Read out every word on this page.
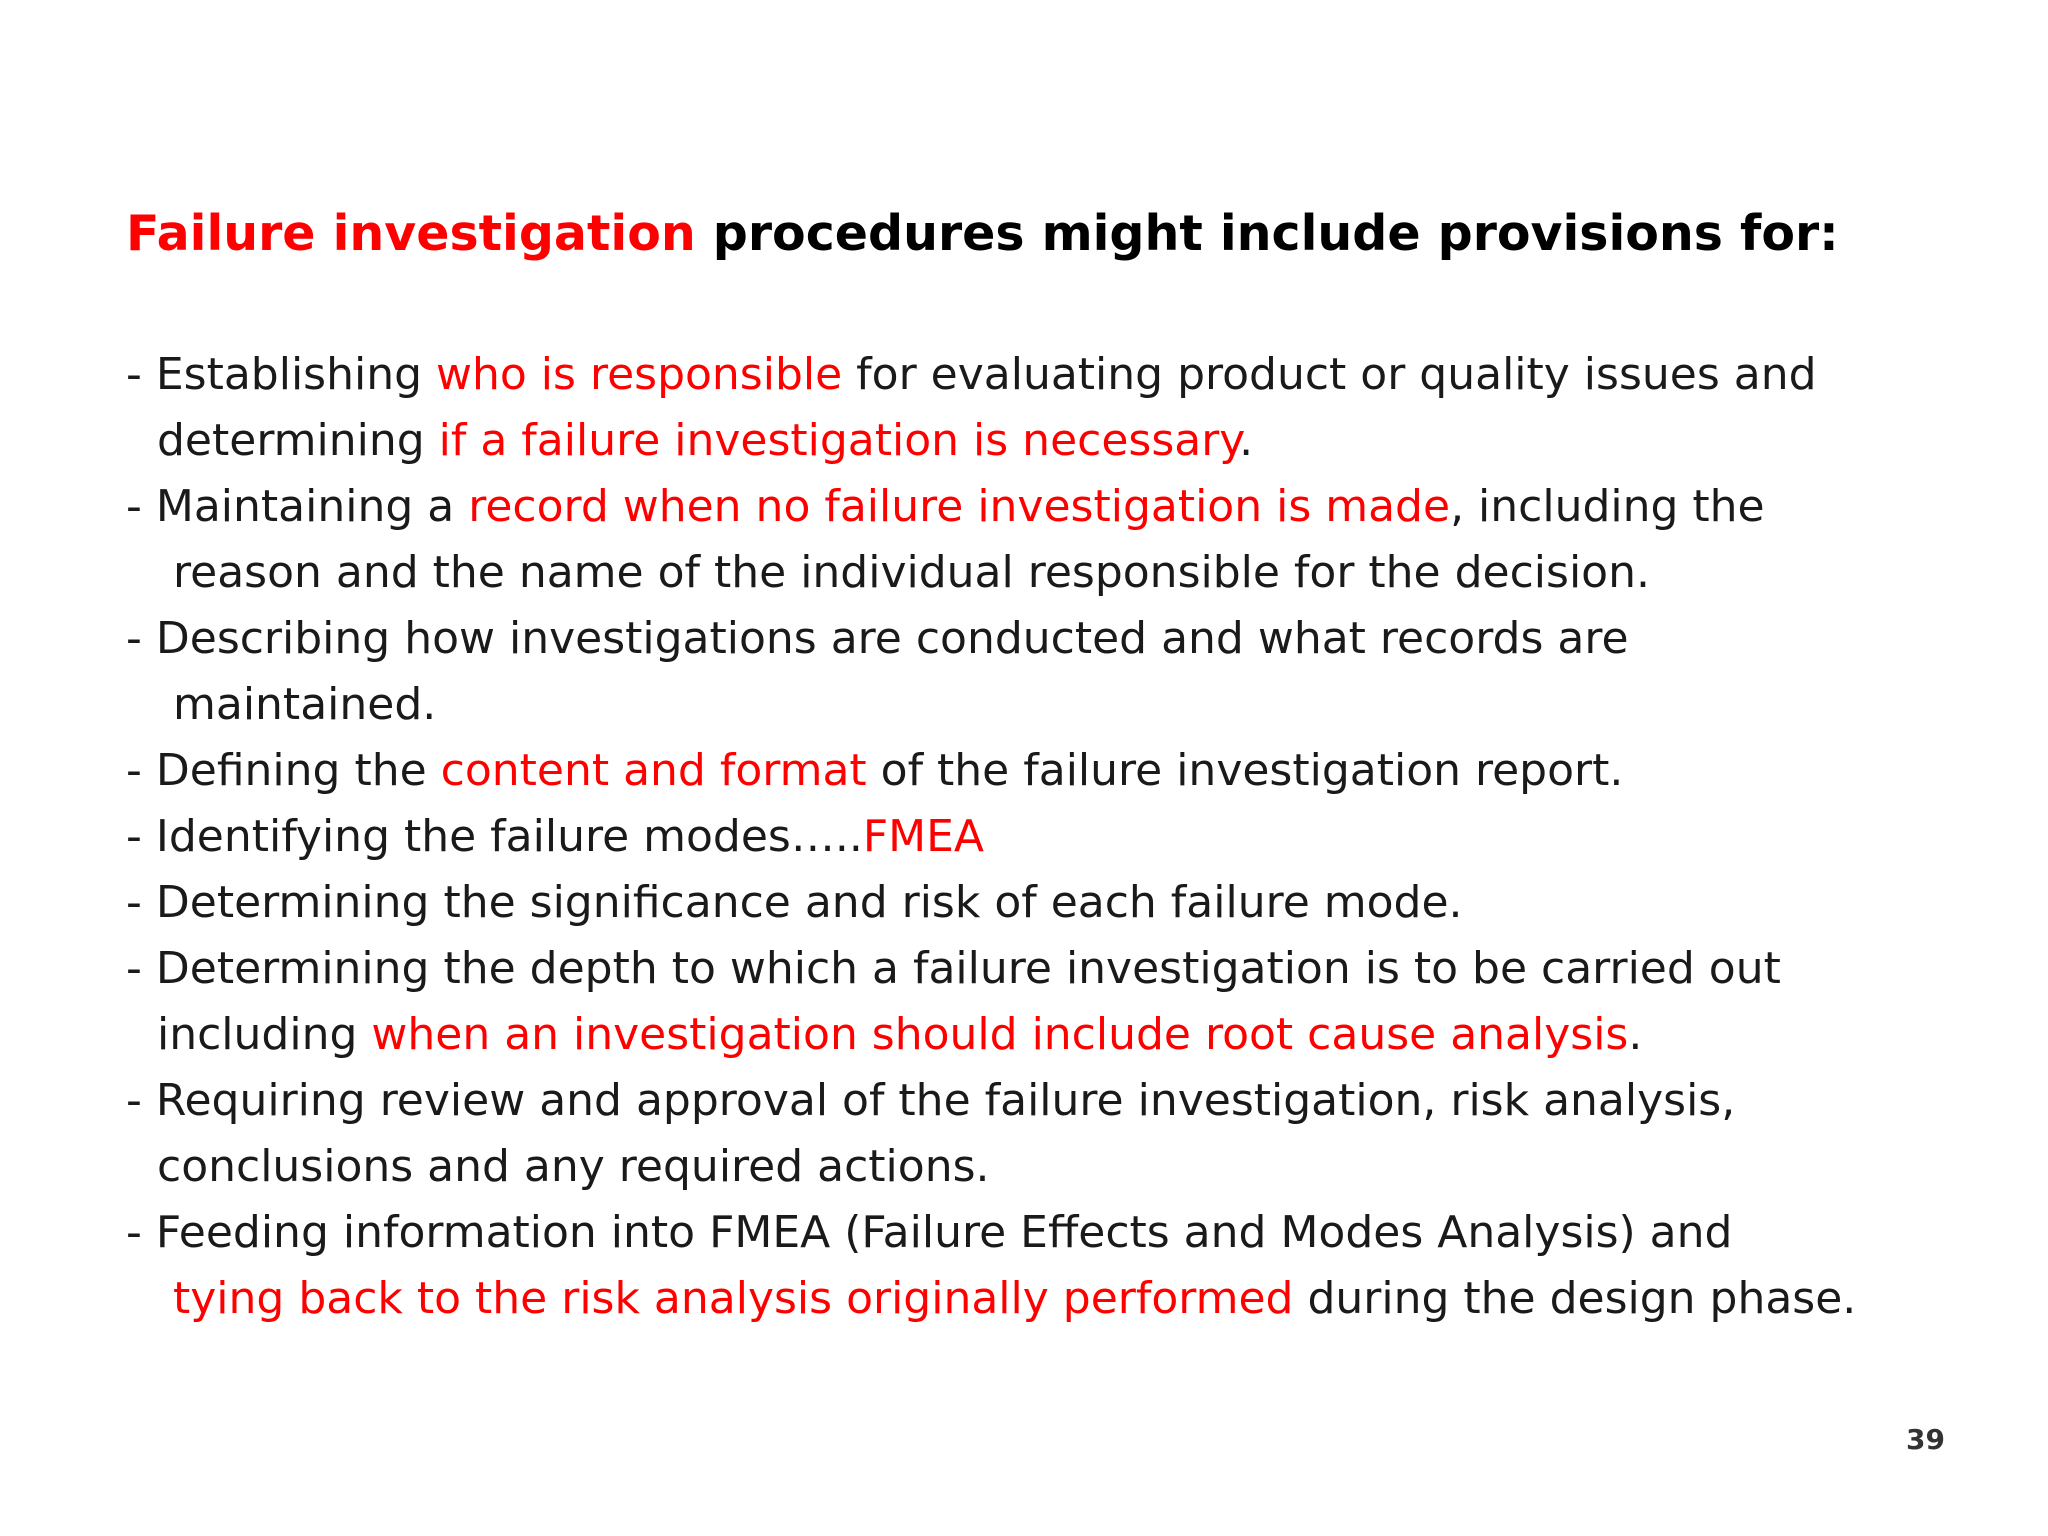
Failure investigation procedures might include provisions for:
- Establishing who is responsible for evaluating product or quality issues and
determining if a failure investigation is necessary.
- Maintaining a record when no failure investigation is made, including the
reason and the name of the individual responsible for the decision.
- Describing how investigations are conducted and what records are
maintained.
- Defining the content and format of the failure investigation report.
- Identifying the failure modes…..FMEA
- Determining the significance and risk of each failure mode.
- Determining the depth to which a failure investigation is to be carried out
including when an investigation should include root cause analysis.
- Requiring review and approval of the failure investigation, risk analysis,
conclusions and any required actions.
- Feeding information into FMEA (Failure Effects and Modes Analysis) and
tying back to the risk analysis originally performed during the design phase.
39
